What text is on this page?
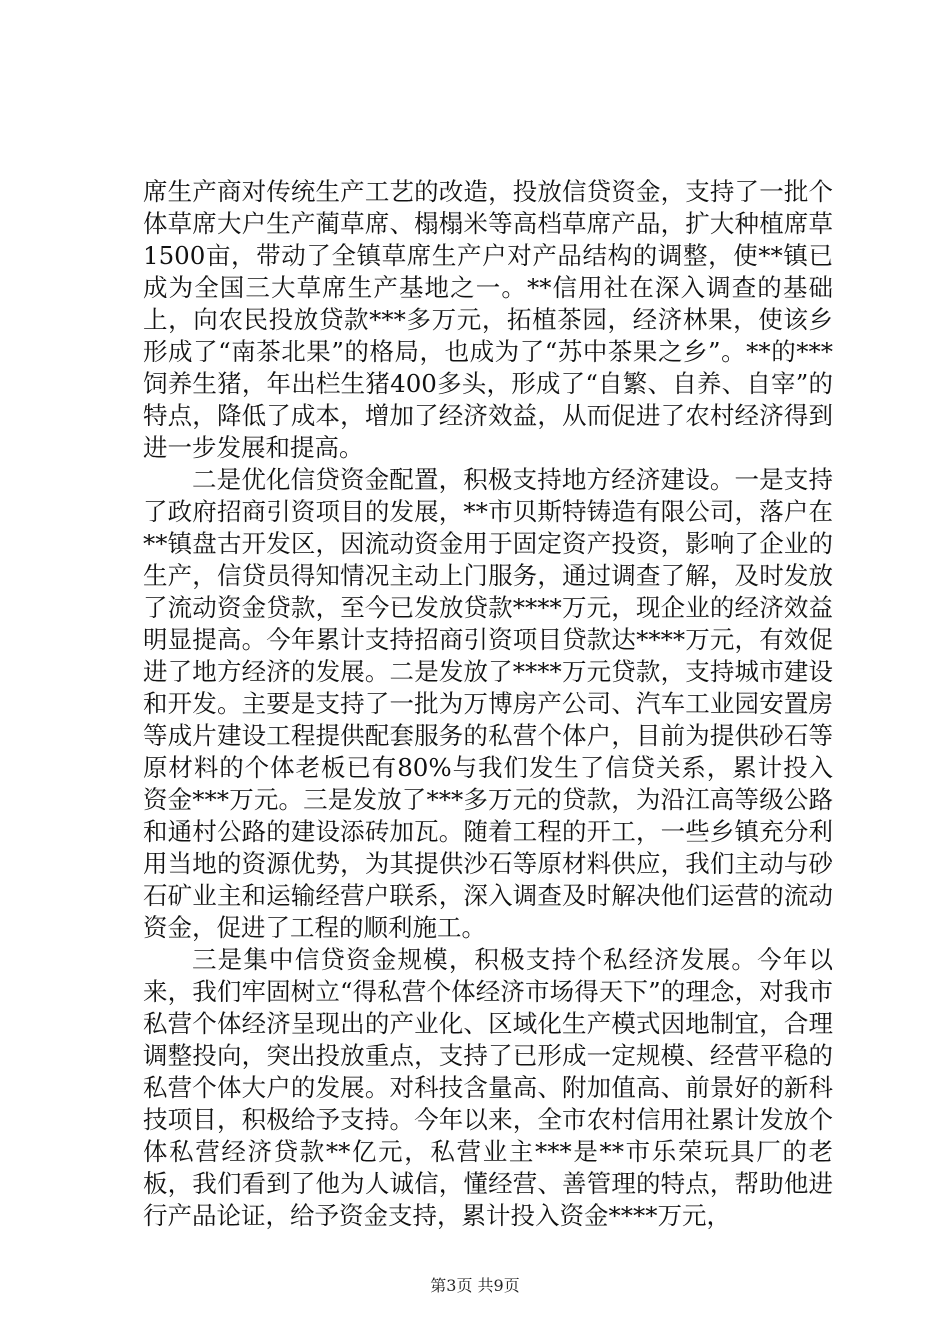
席生产商对传统生产工艺的改造，投放信贷资金，支持了一批个体草席大户生产蔺草席、榻榻米等高档草席产品，扩大种植席草1500亩，带动了全镇草席生产户对产品结构的调整，使**镇已成为全国三大草席生产基地之一。**信用社在深入调查的基础上，向农民投放贷款***多万元，拓植茶园，经济林果，使该乡形成了“南茶北果”的格局，也成为了“苏中茶果之乡”。**的***饲养生猪，年出栏生猪400多头，形成了“自繁、自养、自宰”的特点，降低了成本，增加了经济效益，从而促进了农村经济得到进一步发展和提高。

二是优化信贷资金配置，积极支持地方经济建设。一是支持了政府招商引资项目的发展，**市贝斯特铸造有限公司，落户在**镇盘古开发区，因流动资金用于固定资产投资，影响了企业的生产，信贷员得知情况主动上门服务，通过调查了解，及时发放了流动资金贷款，至今已发放贷款****万元，现企业的经济效益明显提高。今年累计支持招商引资项目贷款达****万元，有效促进了地方经济的发展。二是发放了****万元贷款，支持城市建设和开发。主要是支持了一批为万博房产公司、汽车工业园安置房等成片建设工程提供配套服务的私营个体户，目前为提供砂石等原材料的个体老板已有80%与我们发生了信贷关系，累计投入资金***万元。三是发放了***多万元的贷款，为沿江高等级公路和通村公路的建设添砖加瓦。随着工程的开工，一些乡镇充分利用当地的资源优势，为其提供沙石等原材料供应，我们主动与砂石矿业主和运输经营户联系，深入调查及时解决他们运营的流动资金，促进了工程的顺利施工。

三是集中信贷资金规模，积极支持个私经济发展。今年以来，我们牢固树立“得私营个体经济市场得天下”的理念，对我市私营个体经济呈现出的产业化、区域化生产模式因地制宜，合理调整投向，突出投放重点，支持了已形成一定规模、经营平稳的私营个体大户的发展。对科技含量高、附加值高、前景好的新科技项目，积极给予支持。今年以来，全市农村信用社累计发放个体私营经济贷款**亿元，私营业主***是**市乐荣玩具厂的老板，我们看到了他为人诚信，懂经营、善管理的特点，帮助他进行产品论证，给予资金支持，累计投入资金****万元，

第3页 共9页
